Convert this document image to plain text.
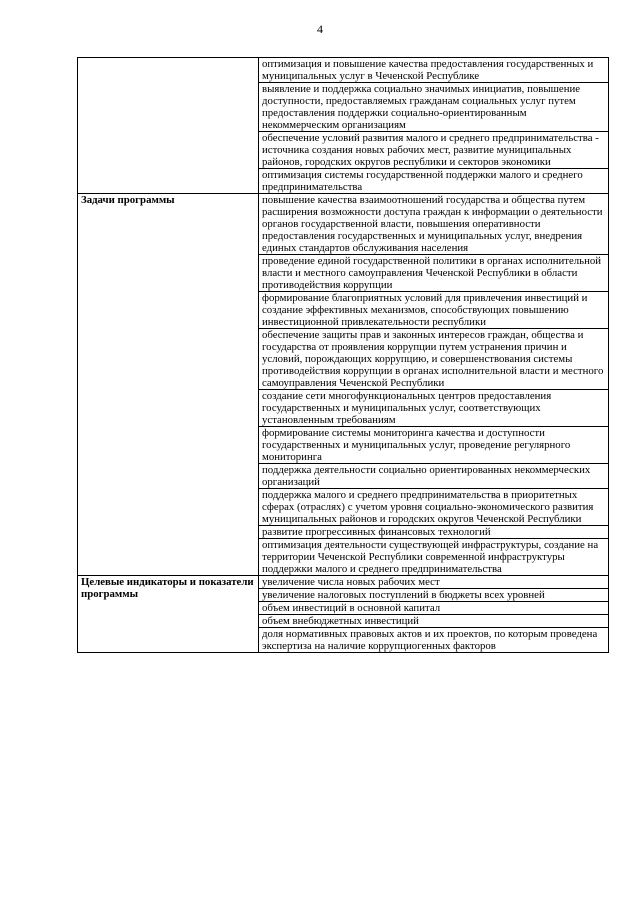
4
	оптимизация и повышение качества предоставления государственных и муниципальных услуг в Чеченской Республике
	выявление и поддержка социально значимых инициатив, повышение доступности, предоставляемых гражданам социальных услуг путем предоставления поддержки социально-ориентированным некоммерческим организациям
	обеспечение условий развития малого и среднего предпринимательства - источника создания новых рабочих мест, развитие муниципальных районов, городских округов республики и секторов экономики
	оптимизация системы государственной поддержки малого и среднего предпринимательства
Задачи программы	повышение качества взаимоотношений государства и общества путем расширения возможности доступа граждан к информации о деятельности органов государственной власти, повышения оперативности предоставления государственных и муниципальных услуг, внедрения единых стандартов обслуживания населения
	проведение единой государственной политики в органах исполнительной власти и местного самоуправления Чеченской Республики в области противодействия коррупции
	формирование благоприятных условий для привлечения инвестиций и создание эффективных механизмов, способствующих повышению инвестиционной привлекательности республики
	обеспечение защиты прав и законных интересов граждан, общества и государства от проявления коррупции путем устранения причин и условий, порождающих коррупцию, и совершенствования системы противодействия коррупции в органах исполнительной власти и местного самоуправления Чеченской Республики
	создание сети многофункциональных центров предоставления государственных и муниципальных услуг, соответствующих установленным требованиям
	формирование системы мониторинга качества и доступности государственных и муниципальных услуг, проведение регулярного мониторинга
	поддержка деятельности социально ориентированных некоммерческих организаций
	поддержка малого и среднего предпринимательства в приоритетных сферах (отраслях) с учетом уровня социально-экономического развития муниципальных районов и городских округов Чеченской Республики
	развитие прогрессивных финансовых технологий
	оптимизация деятельности существующей инфраструктуры, создание на территории Чеченской Республики современной инфраструктуры поддержки малого и среднего предпринимательства
Целевые индикаторы и показатели программы	увеличение числа новых рабочих мест
	увеличение налоговых поступлений в бюджеты всех уровней
	объем инвестиций в основной капитал
	объем внебюджетных инвестиций
	доля нормативных правовых актов и их проектов, по которым проведена экспертиза на наличие коррупциогенных факторов
